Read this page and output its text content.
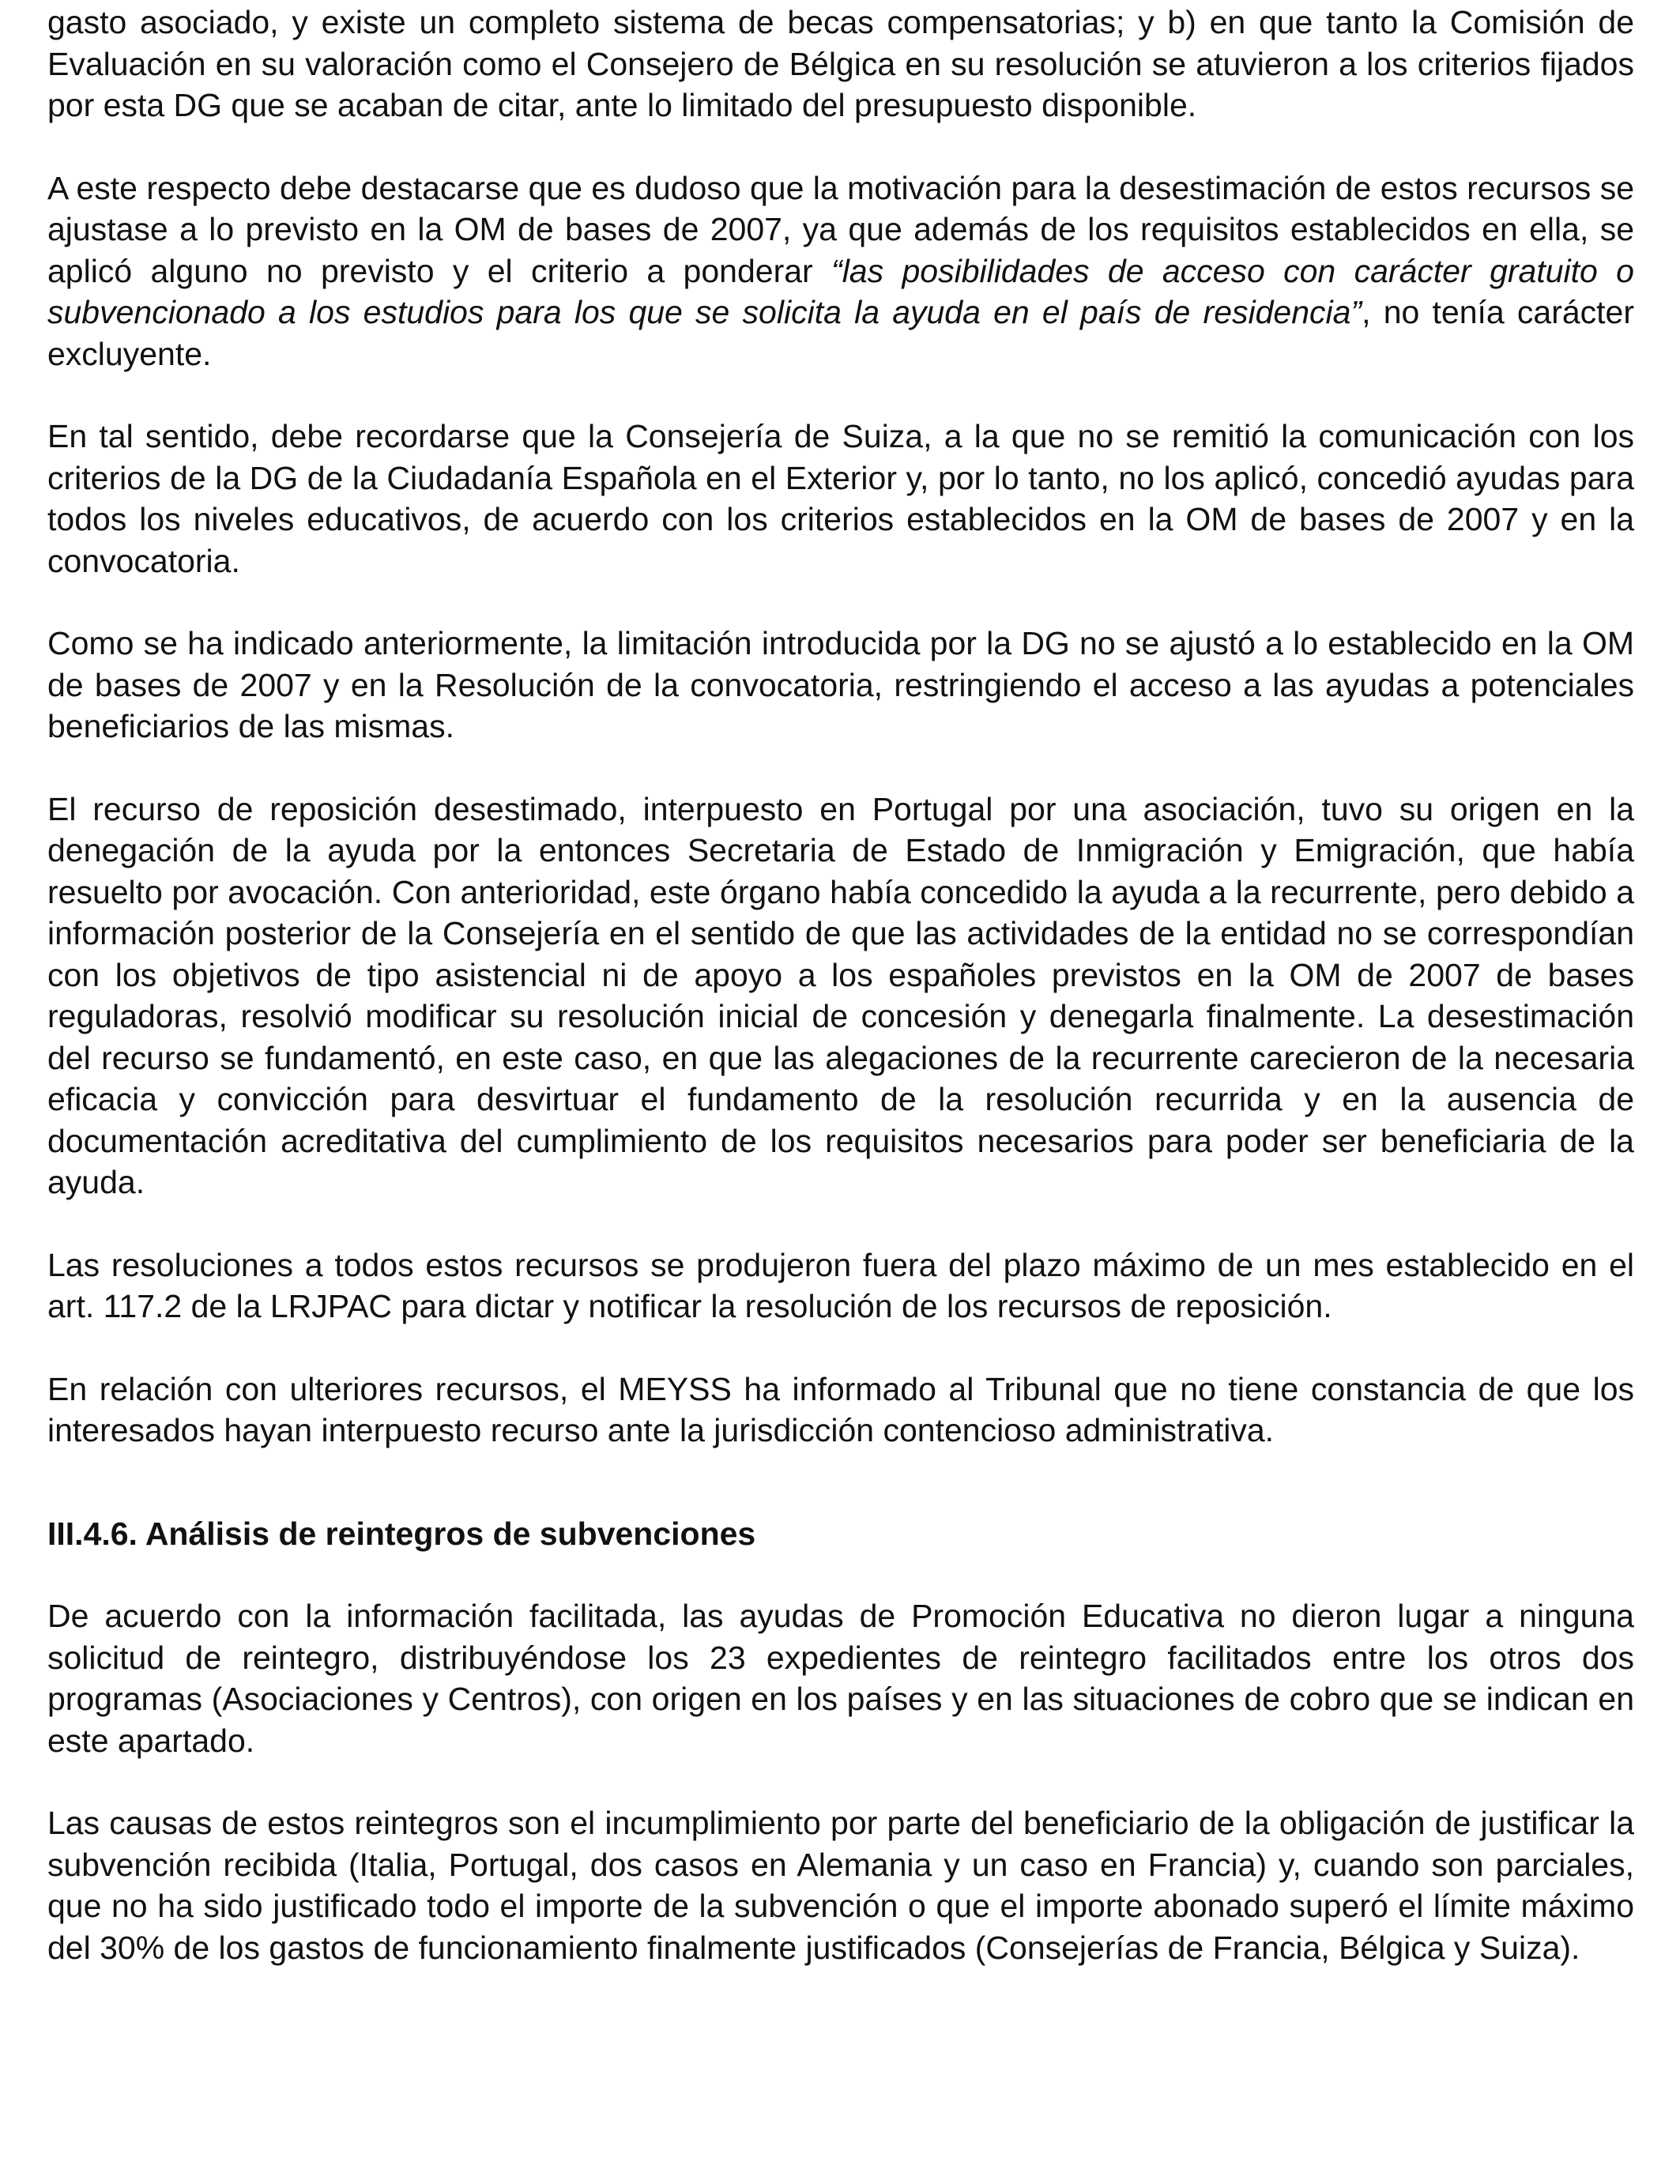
gasto asociado, y existe un completo sistema de becas compensatorias; y b) en que tanto la Comisión de Evaluación en su valoración como el Consejero de Bélgica en su resolución se atuvieron a los criterios fijados por esta DG que se acaban de citar, ante lo limitado del presupuesto disponible.

A este respecto debe destacarse que es dudoso que la motivación para la desestimación de estos recursos se ajustase a lo previsto en la OM de bases de 2007, ya que además de los requisitos establecidos en ella, se aplicó alguno no previsto y el criterio a ponderar “las posibilidades de acceso con carácter gratuito o subvencionado a los estudios para los que se solicita la ayuda en el país de residencia”, no tenía carácter excluyente.

En tal sentido, debe recordarse que la Consejería de Suiza, a la que no se remitió la comunicación con los criterios de la DG de la Ciudadanía Española en el Exterior y, por lo tanto, no los aplicó, concedió ayudas para todos los niveles educativos, de acuerdo con los criterios establecidos en la OM de bases de 2007 y en la convocatoria.

Como se ha indicado anteriormente, la limitación introducida por la DG no se ajustó a lo establecido en la OM de bases de 2007 y en la Resolución de la convocatoria, restringiendo el acceso a las ayudas a potenciales beneficiarios de las mismas.

El recurso de reposición desestimado, interpuesto en Portugal por una asociación, tuvo su origen en la denegación de la ayuda por la entonces Secretaria de Estado de Inmigración y Emigración, que había resuelto por avocación. Con anterioridad, este órgano había concedido la ayuda a la recurrente, pero debido a información posterior de la Consejería en el sentido de que las actividades de la entidad no se correspondían con los objetivos de tipo asistencial ni de apoyo a los españoles previstos en la OM de 2007 de bases reguladoras, resolvió modificar su resolución inicial de concesión y denegarla finalmente. La desestimación del recurso se fundamentó, en este caso, en que las alegaciones de la recurrente carecieron de la necesaria eficacia y convicción para desvirtuar el fundamento de la resolución recurrida y en la ausencia de documentación acreditativa del cumplimiento de los requisitos necesarios para poder ser beneficiaria de la ayuda.

Las resoluciones a todos estos recursos se produjeron fuera del plazo máximo de un mes establecido en el art. 117.2 de la LRJPAC para dictar y notificar la resolución de los recursos de reposición.

En relación con ulteriores recursos, el MEYSS ha informado al Tribunal que no tiene constancia de que los interesados hayan interpuesto recurso ante la jurisdicción contencioso administrativa.

III.4.6. Análisis de reintegros de subvenciones

De acuerdo con la información facilitada, las ayudas de Promoción Educativa no dieron lugar a ninguna solicitud de reintegro, distribuyéndose los 23 expedientes de reintegro facilitados entre los otros dos programas (Asociaciones y Centros), con origen en los países y en las situaciones de cobro que se indican en este apartado.

Las causas de estos reintegros son el incumplimiento por parte del beneficiario de la obligación de justificar la subvención recibida (Italia, Portugal, dos casos en Alemania y un caso en Francia) y, cuando son parciales, que no ha sido justificado todo el importe de la subvención o que el importe abonado superó el límite máximo del 30% de los gastos de funcionamiento finalmente justificados (Consejerías de Francia, Bélgica y Suiza).
